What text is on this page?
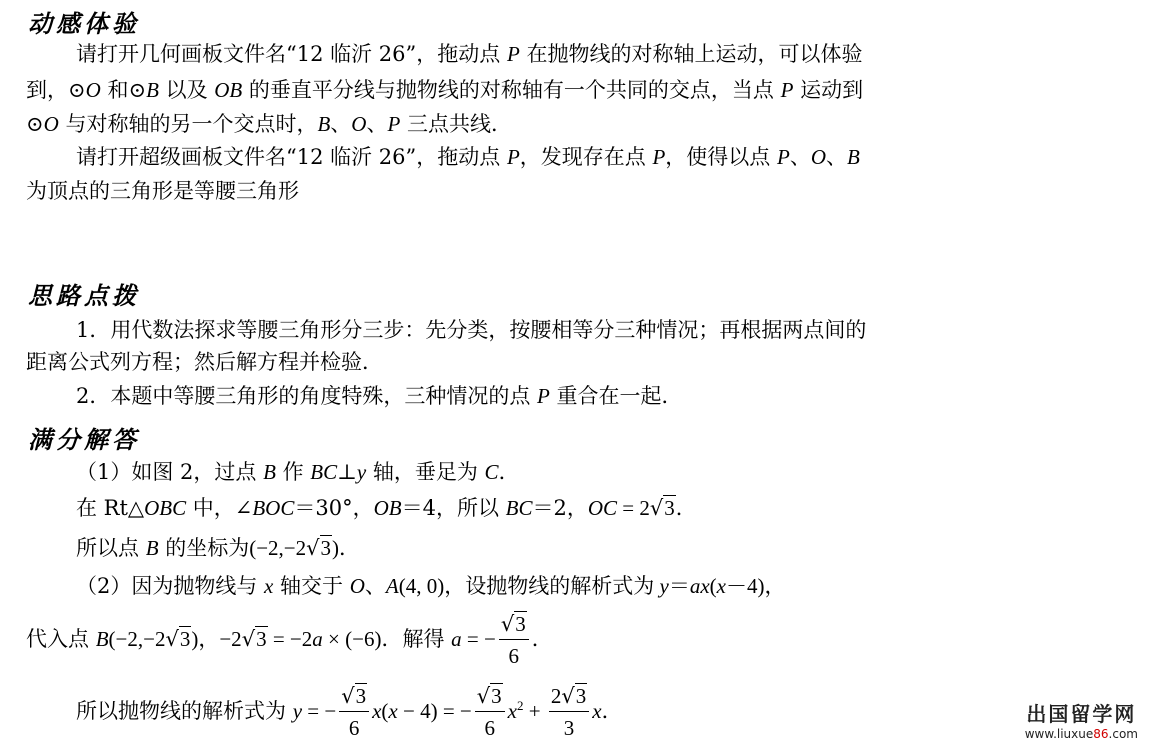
动感体验
请打开几何画板文件名“12 临沂 26”，拖动点 P 在抛物线的对称轴上运动，可以体验
到，⊙O 和⊙B 以及 OB 的垂直平分线与抛物线的对称轴有一个共同的交点，当点 P 运动到
⊙O 与对称轴的另一个交点时，B、O、P 三点共线．
请打开超级画板文件名“12 临沂 26”，拖动点 P，发现存在点 P，使得以点 P、O、B
为顶点的三角形是等腰三角形
思路点拨
1．用代数法探求等腰三角形分三步：先分类，按腰相等分三种情况；再根据两点间的
距离公式列方程；然后解方程并检验．
2．本题中等腰三角形的角度特殊，三种情况的点 P 重合在一起．
满分解答
（1）如图 2，过点 B 作 BC⊥y 轴，垂足为 C．
在 Rt△OBC 中，∠BOC＝30°，OB＝4，所以 BC＝2，OC = 2√3．
所以点 B 的坐标为(−2,−2√3)．
（2）因为抛物线与 x 轴交于 O、A(4, 0)，设抛物线的解析式为 y＝ax(x－4)，
代入点 B(−2,−2√3)，−2√3 = −2a × (−6)．解得 a = − $\frac{√3}{6}$ ．
所以抛物线的解析式为 y = − $\frac{√3}{6} x(x - 4)$ = − $\frac{√3}{6} x^2 + \frac{2√3}{3}$ x．	出国留学网
www.liuxue86.com
